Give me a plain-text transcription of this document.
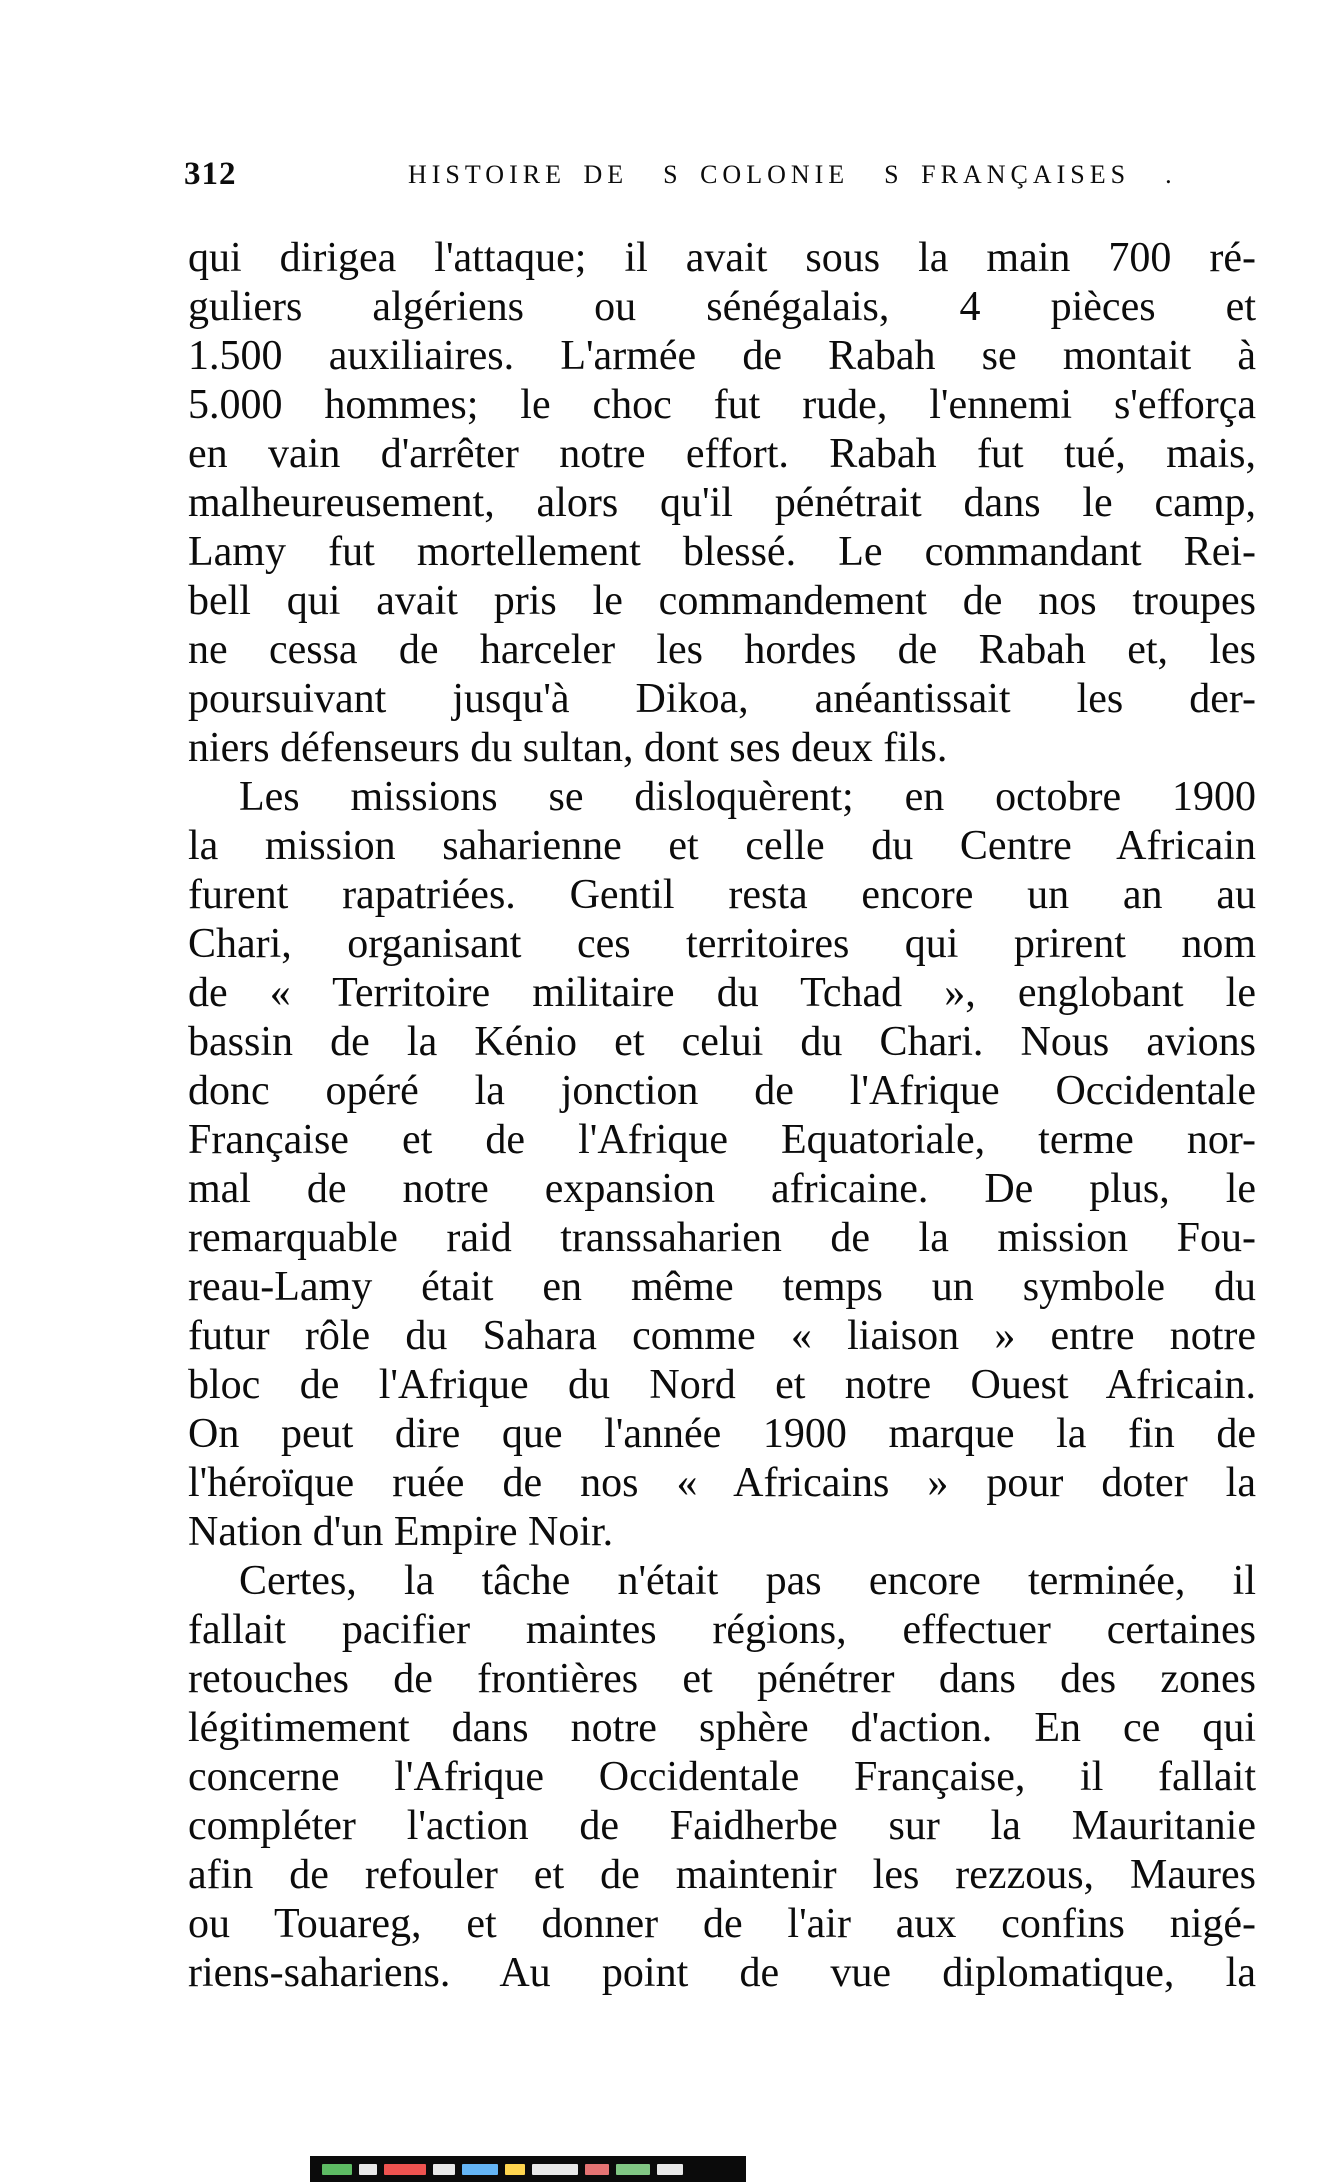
312	HISTOIRE DE  S COLONIE  S FRANÇAISES  .
qui dirigea l'attaque; il avait sous la main 700 ré-
guliers algériens ou sénégalais, 4 pièces et
1.500 auxiliaires. L'armée de Rabah se montait à
5.000 hommes; le choc fut rude, l'ennemi s'efforça
en vain d'arrêter notre effort. Rabah fut tué, mais,
malheureusement, alors qu'il pénétrait dans le camp,
Lamy fut mortellement blessé. Le commandant Rei-
bell qui avait pris le commandement de nos troupes
ne cessa de harceler les hordes de Rabah et, les
poursuivant jusqu'à Dikoa, anéantissait les der-
niers défenseurs du sultan, dont ses deux fils.
Les missions se disloquèrent; en octobre 1900
la mission saharienne et celle du Centre Africain
furent rapatriées. Gentil resta encore un an au
Chari, organisant ces territoires qui prirent nom
de « Territoire militaire du Tchad », englobant le
bassin de la Kénio et celui du Chari. Nous avions
donc opéré la jonction de l'Afrique Occidentale
Française et de l'Afrique Equatoriale, terme nor-
mal de notre expansion africaine. De plus, le
remarquable raid transsaharien de la mission Fou-
reau-Lamy était en même temps un symbole du
futur rôle du Sahara comme « liaison » entre notre
bloc de l'Afrique du Nord et notre Ouest Africain.
On peut dire que l'année 1900 marque la fin de
l'héroïque ruée de nos « Africains » pour doter la
Nation d'un Empire Noir.
Certes, la tâche n'était pas encore terminée, il
fallait pacifier maintes régions, effectuer certaines
retouches de frontières et pénétrer dans des zones
légitimement dans notre sphère d'action. En ce qui
concerne l'Afrique Occidentale Française, il fallait
compléter l'action de Faidherbe sur la Mauritanie
afin de refouler et de maintenir les rezzous, Maures
ou Touareg, et donner de l'air aux confins nigé-
riens-sahariens. Au point de vue diplomatique, la
